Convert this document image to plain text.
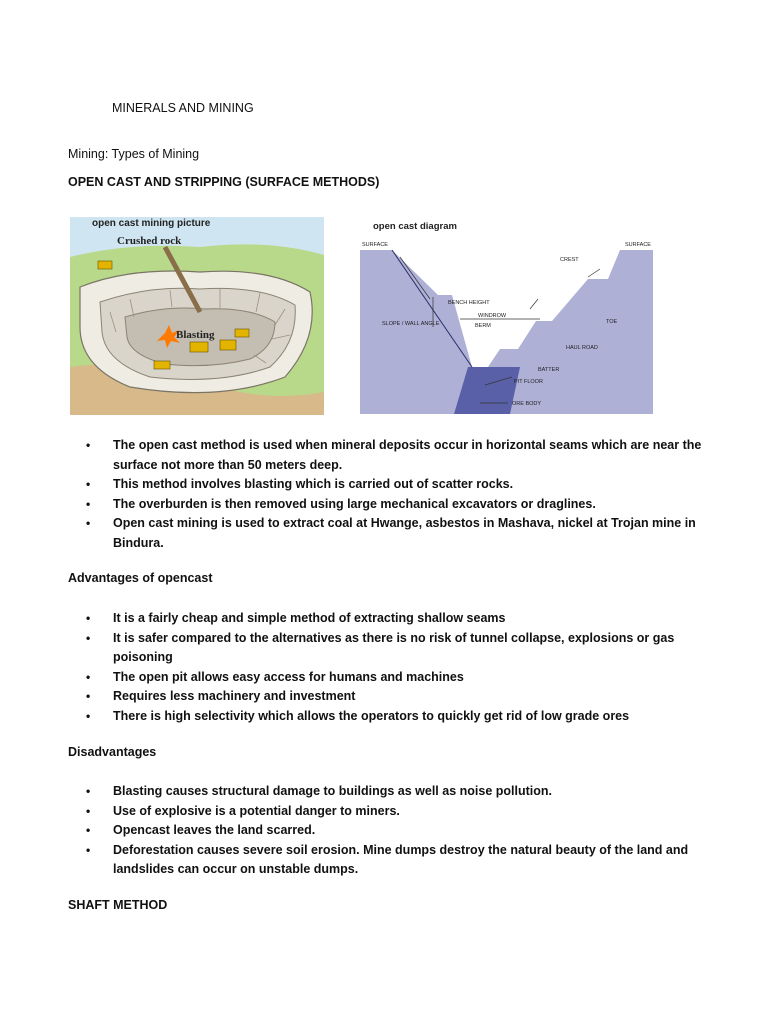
MINERALS AND MINING
Mining: Types of Mining
OPEN CAST AND STRIPPING (SURFACE METHODS)
open cast mining picture
Crushed rock
Blasting
open cast diagram
SURFACE	SURFACE
CREST
BENCH HEIGHT
WINDROW
SLOPE / WALL ANGLE	BERM
TOE
HAUL ROAD
BATTER
PIT FLOOR
ORE BODY
• The open cast method is used when mineral deposits occur in horizontal seams which are near the surface not more than 50 meters deep.
• This method involves blasting which is carried out of scatter rocks.
• The overburden is then removed using large mechanical excavators or draglines.
• Open cast mining is used to extract coal at Hwange, asbestos in Mashava, nickel at Trojan mine in Bindura.
Advantages of opencast
• It is a fairly cheap and simple method of extracting shallow seams
• It is safer compared to the alternatives as there is no risk of tunnel collapse, explosions or gas poisoning
• The open pit allows easy access for humans and machines
• Requires less machinery and investment
• There is high selectivity which allows the operators to quickly get rid of low grade ores
Disadvantages
• Blasting causes structural damage to buildings as well as noise pollution.
• Use of explosive is a potential danger to miners.
• Opencast leaves the land scarred.
• Deforestation causes severe soil erosion. Mine dumps destroy the natural beauty of the land and landslides can occur on unstable dumps.
SHAFT METHOD
